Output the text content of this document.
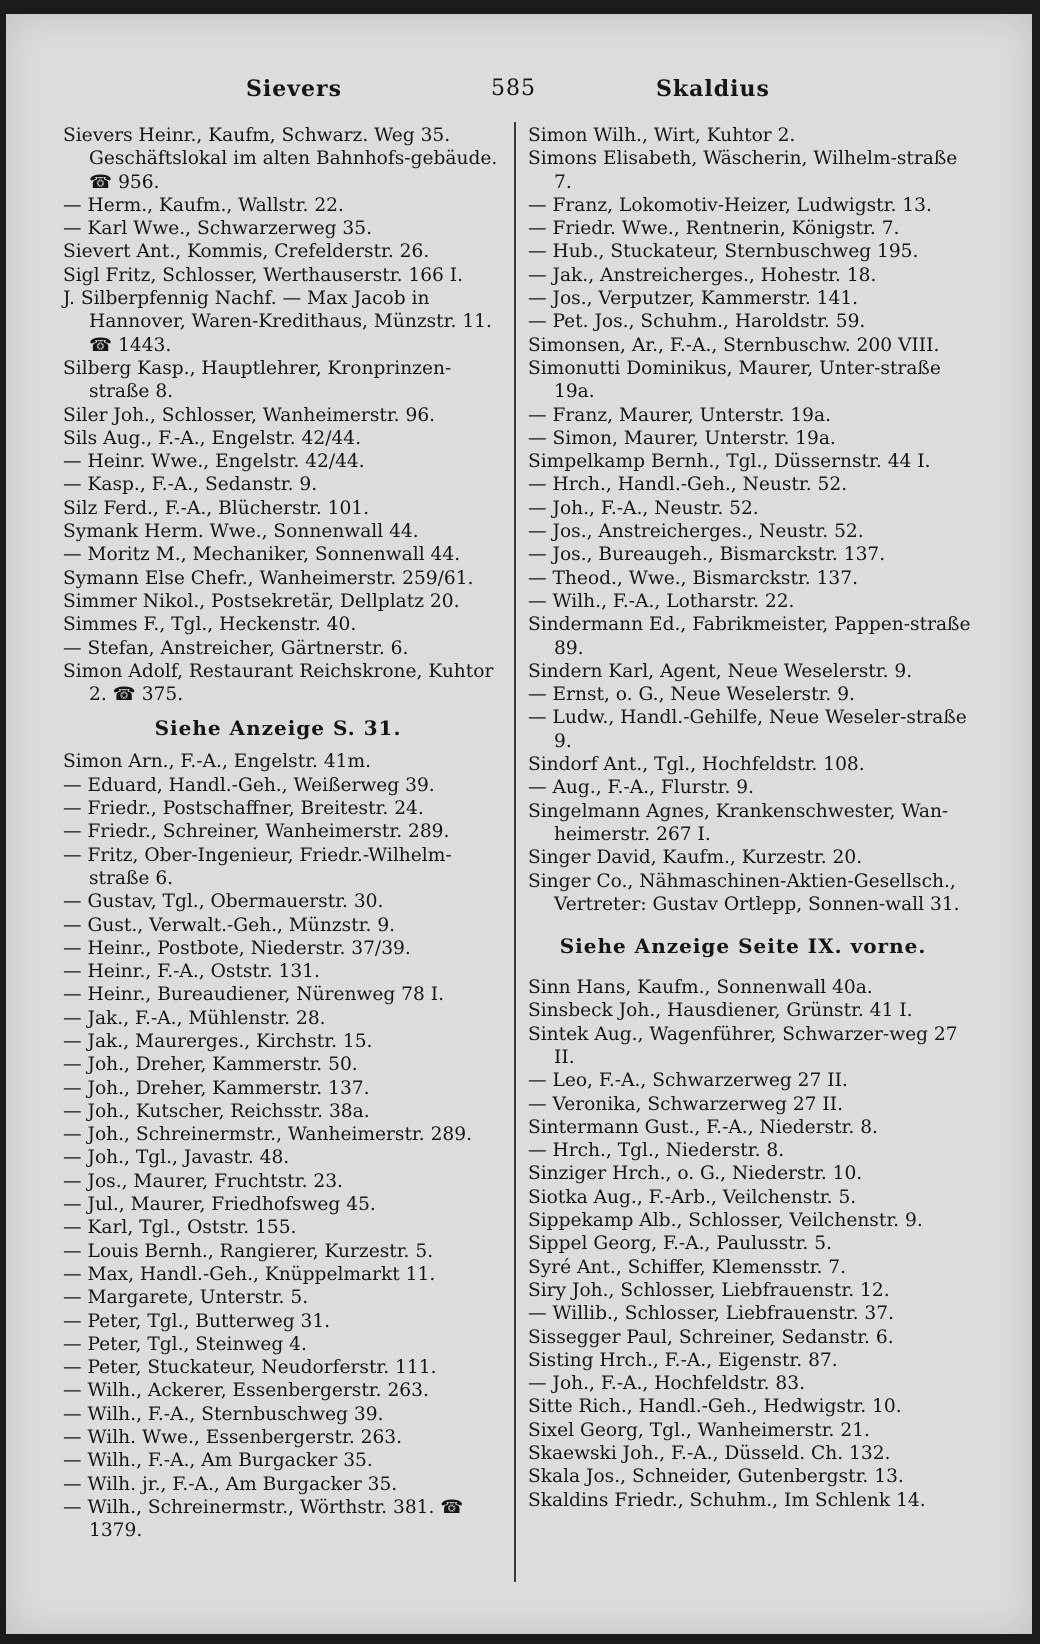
Sievers	585	Skaldius
Sievers Heinr., Kaufm, Schwarz. Weg 35. Geschäftslokal im alten Bahnhofs-gebäude. ☎ 956.
— Herm., Kaufm., Wallstr. 22.
— Karl Wwe., Schwarzerweg 35.
Sievert Ant., Kommis, Crefelderstr. 26.
Sigl Fritz, Schlosser, Werthauserstr. 166 I.
J. Silberpfennig Nachf. — Max Jacob in Hannover, Waren-Kredithaus, Münzstr. 11. ☎ 1443.
Silberg Kasp., Hauptlehrer, Kronprinzen-straße 8.
Siler Joh., Schlosser, Wanheimerstr. 96.
Sils Aug., F.-A., Engelstr. 42/44.
— Heinr. Wwe., Engelstr. 42/44.
— Kasp., F.-A., Sedanstr. 9.
Silz Ferd., F.-A., Blücherstr. 101.
Symank Herm. Wwe., Sonnenwall 44.
— Moritz M., Mechaniker, Sonnenwall 44.
Symann Else Chefr., Wanheimerstr. 259/61.
Simmer Nikol., Postsekretär, Dellplatz 20.
Simmes F., Tgl., Heckenstr. 40.
— Stefan, Anstreicher, Gärtnerstr. 6.
Simon Adolf, Restaurant Reichskrone, Kuhtor 2. ☎ 375.
Siehe Anzeige S. 31.
Simon Arn., F.-A., Engelstr. 41m.
— Eduard, Handl.-Geh., Weißerweg 39.
— Friedr., Postschaffner, Breitestr. 24.
— Friedr., Schreiner, Wanheimerstr. 289.
— Fritz, Ober-Ingenieur, Friedr.-Wilhelm-straße 6.
— Gustav, Tgl., Obermauerstr. 30.
— Gust., Verwalt.-Geh., Münzstr. 9.
— Heinr., Postbote, Niederstr. 37/39.
— Heinr., F.-A., Oststr. 131.
— Heinr., Bureaudiener, Nürenweg 78 I.
— Jak., F.-A., Mühlenstr. 28.
— Jak., Maurerges., Kirchstr. 15.
— Joh., Dreher, Kammerstr. 50.
— Joh., Dreher, Kammerstr. 137.
— Joh., Kutscher, Reichsstr. 38a.
— Joh., Schreinermstr., Wanheimerstr. 289.
— Joh., Tgl., Javastr. 48.
— Jos., Maurer, Fruchtstr. 23.
— Jul., Maurer, Friedhofsweg 45.
— Karl, Tgl., Oststr. 155.
— Louis Bernh., Rangierer, Kurzestr. 5.
— Max, Handl.-Geh., Knüppelmarkt 11.
— Margarete, Unterstr. 5.
— Peter, Tgl., Butterweg 31.
— Peter, Tgl., Steinweg 4.
— Peter, Stuckateur, Neudorferstr. 111.
— Wilh., Ackerer, Essenbergerstr. 263.
— Wilh., F.-A., Sternbuschweg 39.
— Wilh. Wwe., Essenbergerstr. 263.
— Wilh., F.-A., Am Burgacker 35.
— Wilh. jr., F.-A., Am Burgacker 35.
— Wilh., Schreinermstr., Wörthstr. 381. ☎ 1379.
Simon Wilh., Wirt, Kuhtor 2.
Simons Elisabeth, Wäscherin, Wilhelm-straße 7.
— Franz, Lokomotiv-Heizer, Ludwigstr. 13.
— Friedr. Wwe., Rentnerin, Königstr. 7.
— Hub., Stuckateur, Sternbuschweg 195.
— Jak., Anstreicherges., Hohestr. 18.
— Jos., Verputzer, Kammerstr. 141.
— Pet. Jos., Schuhm., Haroldstr. 59.
Simonsen, Ar., F.-A., Sternbuschw. 200 VIII.
Simonutti Dominikus, Maurer, Unter-straße 19a.
— Franz, Maurer, Unterstr. 19a.
— Simon, Maurer, Unterstr. 19a.
Simpelkamp Bernh., Tgl., Düssernstr. 44 I.
— Hrch., Handl.-Geh., Neustr. 52.
— Joh., F.-A., Neustr. 52.
— Jos., Anstreicherges., Neustr. 52.
— Jos., Bureaugeh., Bismarckstr. 137.
— Theod., Wwe., Bismarckstr. 137.
— Wilh., F.-A., Lotharstr. 22.
Sindermann Ed., Fabrikmeister, Pappen-straße 89.
Sindern Karl, Agent, Neue Weselerstr. 9.
— Ernst, o. G., Neue Weselerstr. 9.
— Ludw., Handl.-Gehilfe, Neue Weseler-straße 9.
Sindorf Ant., Tgl., Hochfeldstr. 108.
— Aug., F.-A., Flurstr. 9.
Singelmann Agnes, Krankenschwester, Wan-heimerstr. 267 I.
Singer David, Kaufm., Kurzestr. 20.
Singer Co., Nähmaschinen-Aktien-Gesellsch., Vertreter: Gustav Ortlepp, Sonnen-wall 31.
Siehe Anzeige Seite IX. vorne.
Sinn Hans, Kaufm., Sonnenwall 40a.
Sinsbeck Joh., Hausdiener, Grünstr. 41 I.
Sintek Aug., Wagenführer, Schwarzer-weg 27 II.
— Leo, F.-A., Schwarzerweg 27 II.
— Veronika, Schwarzerweg 27 II.
Sintermann Gust., F.-A., Niederstr. 8.
— Hrch., Tgl., Niederstr. 8.
Sinziger Hrch., o. G., Niederstr. 10.
Siotka Aug., F.-Arb., Veilchenstr. 5.
Sippekamp Alb., Schlosser, Veilchenstr. 9.
Sippel Georg, F.-A., Paulusstr. 5.
Syré Ant., Schiffer, Klemensstr. 7.
Siry Joh., Schlosser, Liebfrauenstr. 12.
— Willib., Schlosser, Liebfrauenstr. 37.
Sissegger Paul, Schreiner, Sedanstr. 6.
Sisting Hrch., F.-A., Eigenstr. 87.
— Joh., F.-A., Hochfeldstr. 83.
Sitte Rich., Handl.-Geh., Hedwigstr. 10.
Sixel Georg, Tgl., Wanheimerstr. 21.
Skaewski Joh., F.-A., Düsseld. Ch. 132.
Skala Jos., Schneider, Gutenbergstr. 13.
Skaldins Friedr., Schuhm., Im Schlenk 14.
